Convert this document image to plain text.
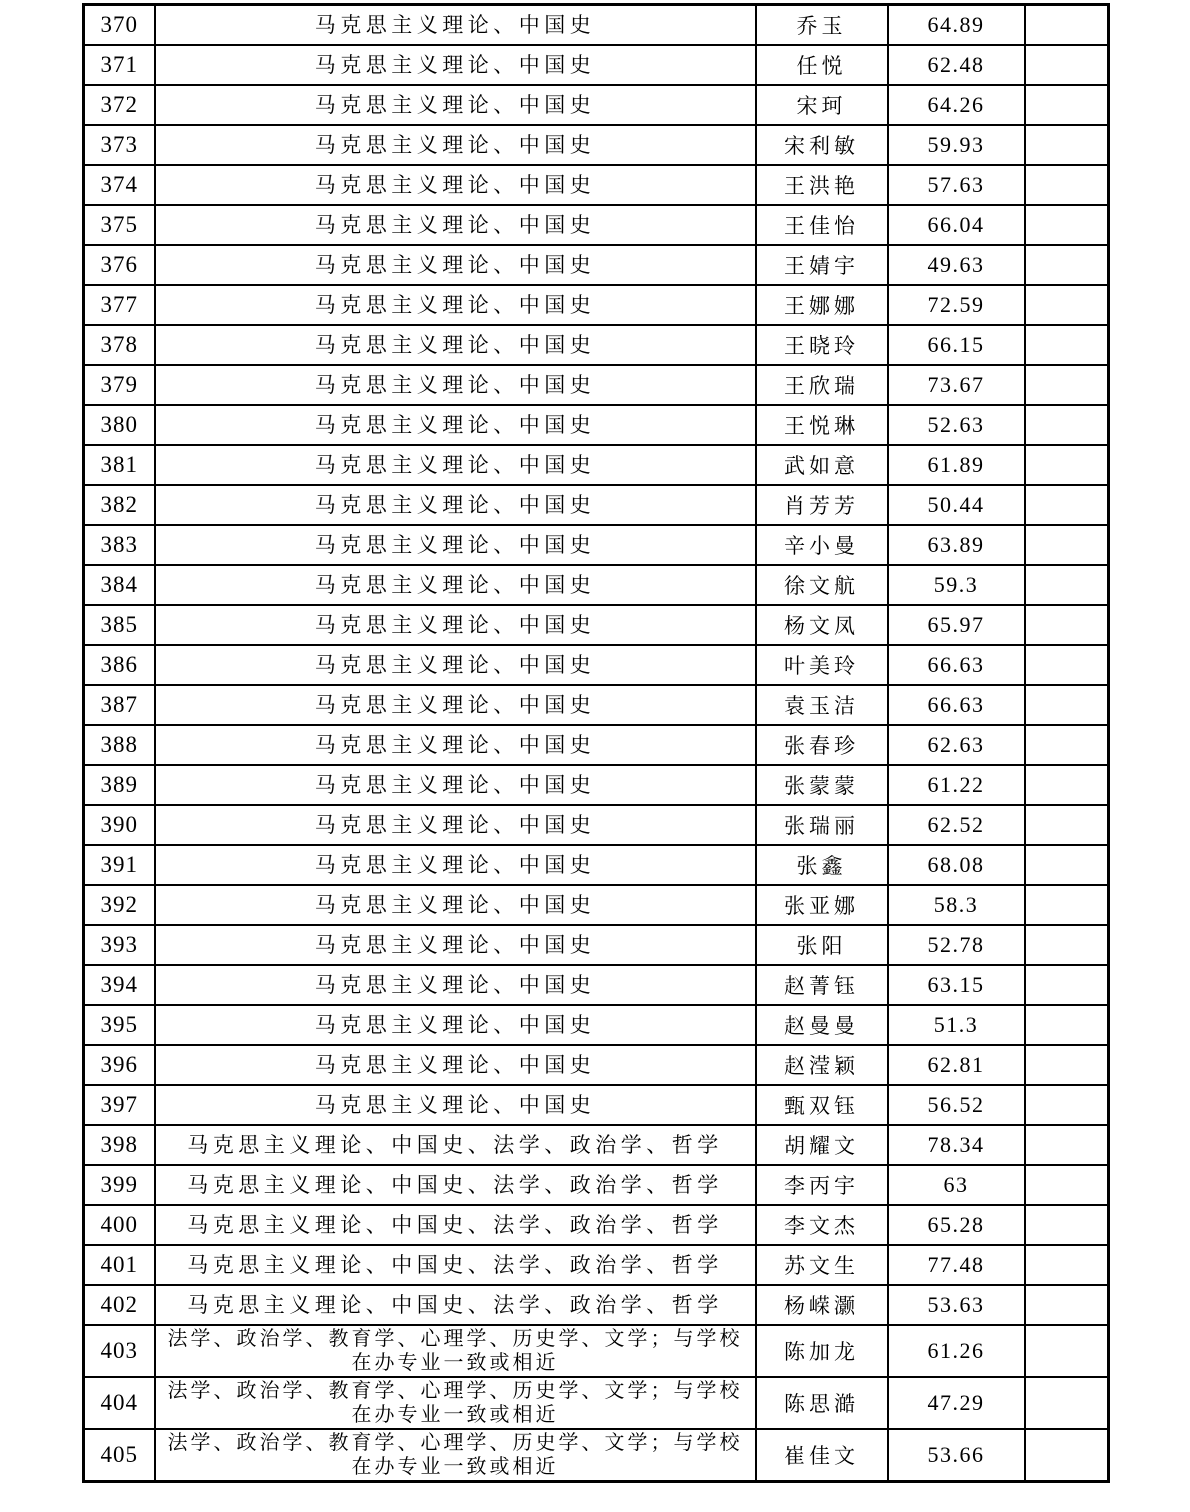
370	马克思主义理论、中国史	乔玉	64.89	
371	马克思主义理论、中国史	任悦	62.48	
372	马克思主义理论、中国史	宋珂	64.26	
373	马克思主义理论、中国史	宋利敏	59.93	
374	马克思主义理论、中国史	王洪艳	57.63	
375	马克思主义理论、中国史	王佳怡	66.04	
376	马克思主义理论、中国史	王婧宇	49.63	
377	马克思主义理论、中国史	王娜娜	72.59	
378	马克思主义理论、中国史	王晓玲	66.15	
379	马克思主义理论、中国史	王欣瑞	73.67	
380	马克思主义理论、中国史	王悦琳	52.63	
381	马克思主义理论、中国史	武如意	61.89	
382	马克思主义理论、中国史	肖芳芳	50.44	
383	马克思主义理论、中国史	辛小曼	63.89	
384	马克思主义理论、中国史	徐文航	59.3	
385	马克思主义理论、中国史	杨文凤	65.97	
386	马克思主义理论、中国史	叶美玲	66.63	
387	马克思主义理论、中国史	袁玉洁	66.63	
388	马克思主义理论、中国史	张春珍	62.63	
389	马克思主义理论、中国史	张蒙蒙	61.22	
390	马克思主义理论、中国史	张瑞丽	62.52	
391	马克思主义理论、中国史	张鑫	68.08	
392	马克思主义理论、中国史	张亚娜	58.3	
393	马克思主义理论、中国史	张阳	52.78	
394	马克思主义理论、中国史	赵菁钰	63.15	
395	马克思主义理论、中国史	赵曼曼	51.3	
396	马克思主义理论、中国史	赵滢颖	62.81	
397	马克思主义理论、中国史	甄双钰	56.52	
398	马克思主义理论、中国史、法学、政治学、哲学	胡耀文	78.34	
399	马克思主义理论、中国史、法学、政治学、哲学	李丙宇	63	
400	马克思主义理论、中国史、法学、政治学、哲学	李文杰	65.28	
401	马克思主义理论、中国史、法学、政治学、哲学	苏文生	77.48	
402	马克思主义理论、中国史、法学、政治学、哲学	杨嵘灏	53.63	
403	法学、政治学、教育学、心理学、历史学、文学；与学校在办专业一致或相近	陈加龙	61.26	
404	法学、政治学、教育学、心理学、历史学、文学；与学校在办专业一致或相近	陈思澔	47.29	
405	法学、政治学、教育学、心理学、历史学、文学；与学校在办专业一致或相近	崔佳文	53.66	
